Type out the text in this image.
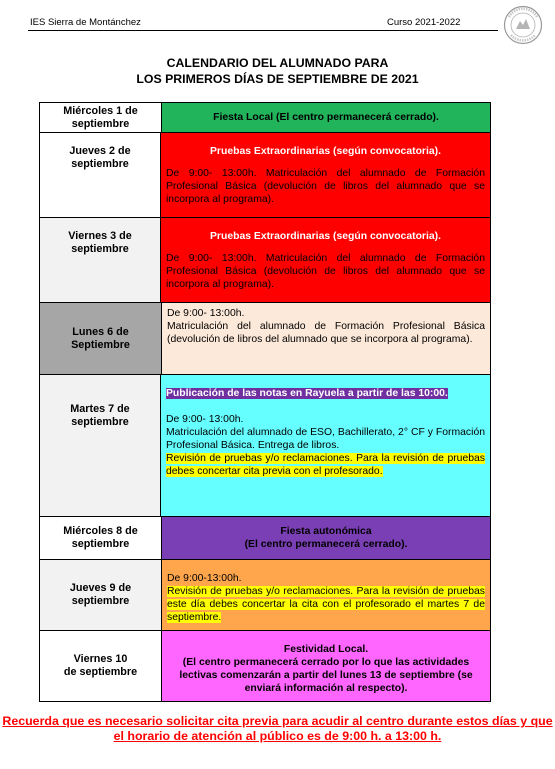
IES Sierra de Montánchez	Curso 2021-2022
CALENDARIO DEL ALUMNADO PARA
LOS PRIMEROS DÍAS DE SEPTIEMBRE DE 2021
Miércoles 1 de
septiembre	Fiesta Local (El centro permanecerá cerrado).
Jueves 2 de
septiembre
Pruebas Extraordinarias (según convocatoria).
De 9:00- 13:00h. Matriculación del alumnado de Formación Profesional Básica (devolución de libros del alumnado que se incorpora al programa).
Viernes 3 de
septiembre
Pruebas Extraordinarias (según convocatoria).
De 9:00- 13:00h. Matriculación del alumnado de Formación Profesional Básica (devolución de libros del alumnado que se incorpora al programa).
Lunes 6 de
Septiembre
De 9:00- 13:00h.
Matriculación del alumnado de Formación Profesional Básica (devolución de libros del alumnado que se incorpora al programa).
Martes 7 de
septiembre
Publicación de las notas en Rayuela a partir de las 10:00.
De 9:00- 13:00h.
Matriculación del alumnado de ESO, Bachillerato, 2° CF y Formación Profesional Básica. Entrega de libros.
Revisión de pruebas y/o reclamaciones. Para la revisión de pruebas debes concertar cita previa con el profesorado.
Miércoles 8 de
septiembre
Fiesta autonómica
(El centro permanecerá cerrado).
Jueves 9 de
septiembre
De 9:00-13:00h.
Revisión de pruebas y/o reclamaciones. Para la revisión de pruebas este día debes concertar la cita con el profesorado el martes 7 de septiembre.
Viernes 10
de septiembre
Festividad Local.
(El centro permanecerá cerrado por lo que las actividades lectivas comenzarán a partir del lunes 13 de septiembre (se enviará información al respecto).
Recuerda que es necesario solicitar cita previa para acudir al centro durante estos días y que el horario de atención al público es de 9:00 h. a 13:00 h.
